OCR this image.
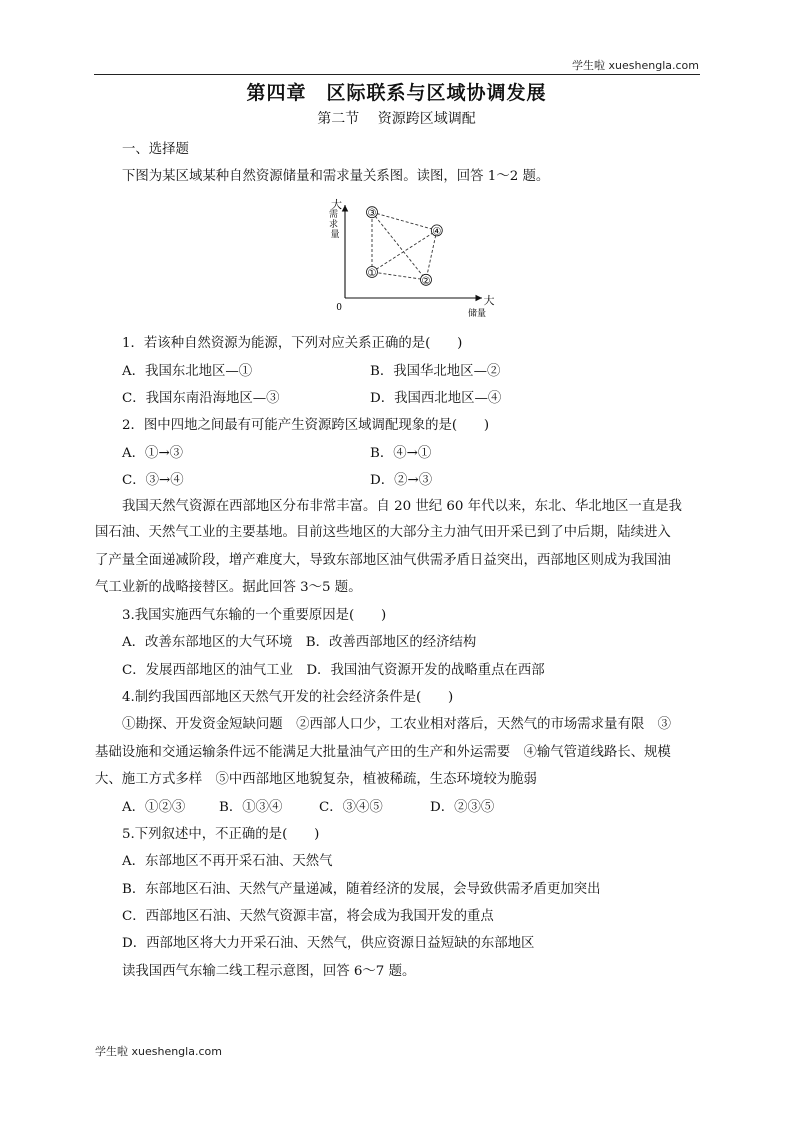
学生啦 xueshengla.com
第四章　区际联系与区域协调发展
第二节　 资源跨区域调配
一、选择题
下图为某区域某种自然资源储量和需求量关系图。读图，回答 1～2 题。
①
②
③
④
大
需 求 量
0
大
储量
1．若该种自然资源为能源，下列对应关系正确的是(　　)
A．我国东北地区—①	B．我国华北地区—②
C．我国东南沿海地区—③	D．我国西北地区—④
2．图中四地之间最有可能产生资源跨区域调配现象的是(　　)
A．①→③	B．④→①
C．③→④	D．②→③
我国天然气资源在西部地区分布非常丰富。自 20 世纪 60 年代以来，东北、华北地区一直是我
国石油、天然气工业的主要基地。目前这些地区的大部分主力油气田开采已到了中后期，陆续进入
了产量全面递减阶段，增产难度大，导致东部地区油气供需矛盾日益突出，西部地区则成为我国油
气工业新的战略接替区。据此回答 3～5 题。
3.我国实施西气东输的一个重要原因是(　　)
A．改善东部地区的大气环境　B．改善西部地区的经济结构
C．发展西部地区的油气工业　D．我国油气资源开发的战略重点在西部
4.制约我国西部地区天然气开发的社会经济条件是(　　)
①勘探、开发资金短缺问题　②西部人口少，工农业相对落后，天然气的市场需求量有限　③
基础设施和交通运输条件远不能满足大批量油气产田的生产和外运需要　④输气管道线路长、规模
大、施工方式多样　⑤中西部地区地貌复杂，植被稀疏，生态环境较为脆弱
A．①②③	B．①③④	C．③④⑤	D．②③⑤
5.下列叙述中，不正确的是(　　)
A．东部地区不再开采石油、天然气
B．东部地区石油、天然气产量递减，随着经济的发展，会导致供需矛盾更加突出
C．西部地区石油、天然气资源丰富，将会成为我国开发的重点
D．西部地区将大力开采石油、天然气，供应资源日益短缺的东部地区
读我国西气东输二线工程示意图，回答 6～7 题。
学生啦 xueshengla.com
